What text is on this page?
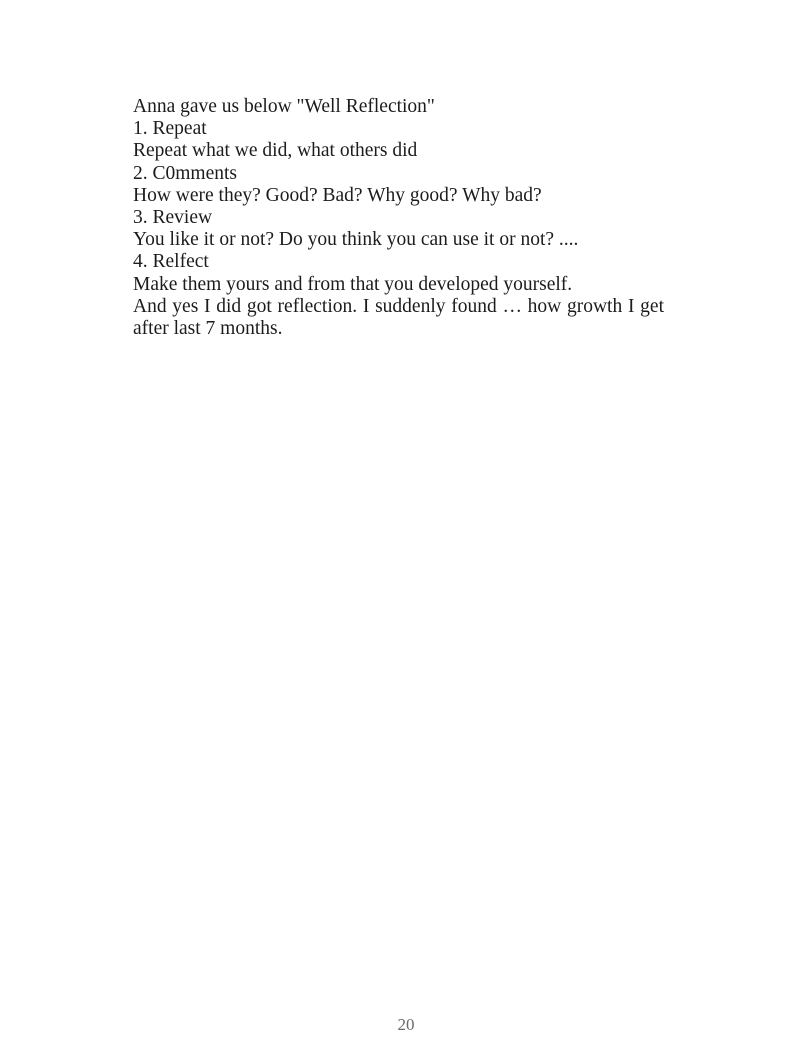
Anna gave us below "Well Reflection"

1. Repeat

Repeat what we did, what others did

2. C0mments

How were they? Good? Bad? Why good? Why bad?

3. Review

You like it or not? Do you think you can use it or not? ....

4. Relfect

Make them yours and from that you developed yourself.

And yes I did got reflection. I suddenly found … how growth I get after last 7 months.

20
